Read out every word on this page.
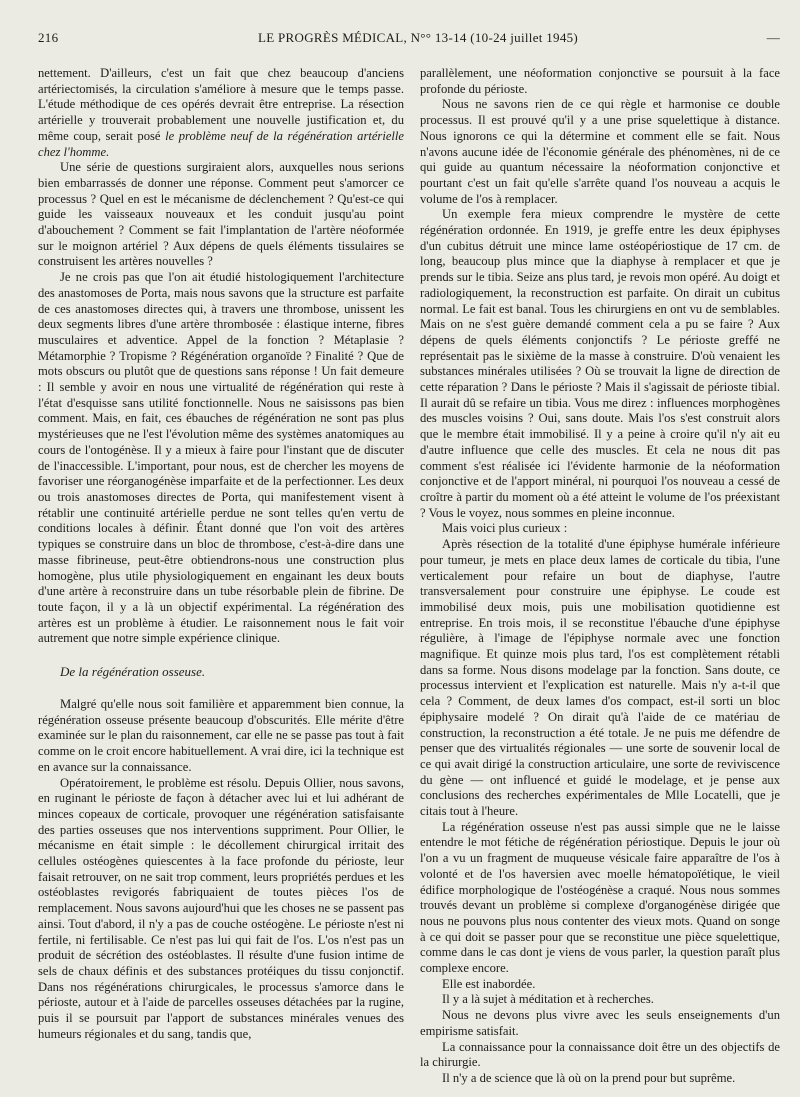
216	LE PROGRÈS MÉDICAL, N°° 13-14 (10-24 juillet 1945)	—

nettement. D'ailleurs, c'est un fait que chez beaucoup d'anciens artériectomisés, la circulation s'améliore à mesure que le temps passe. L'étude méthodique de ces opérés devrait être entreprise. La résection artérielle y trouverait probablement une nouvelle justification et, du même coup, serait posé le problème neuf de la régénération artérielle chez l'homme.

Une série de questions surgiraient alors, auxquelles nous serions bien embarrassés de donner une réponse. Comment peut s'amorcer ce processus ? Quel en est le mécanisme de déclenchement ? Qu'est-ce qui guide les vaisseaux nouveaux et les conduit jusqu'au point d'abouchement ? Comment se fait l'implantation de l'artère néoformée sur le moignon artériel ? Aux dépens de quels éléments tissulaires se construisent les artères nouvelles ?

Je ne crois pas que l'on ait étudié histologiquement l'architecture des anastomoses de Porta, mais nous savons que la structure est parfaite de ces anastomoses directes qui, à travers une thrombose, unissent les deux segments libres d'une artère thrombosée : élastique interne, fibres musculaires et adventice. Appel de la fonction ? Métaplasie ? Métamorphie ? Tropisme ? Régénération organoïde ? Finalité ? Que de mots obscurs ou plutôt que de questions sans réponse ! Un fait demeure : Il semble y avoir en nous une virtualité de régénération qui reste à l'état d'esquisse sans utilité fonctionnelle. Nous ne saisissons pas bien comment. Mais, en fait, ces ébauches de régénération ne sont pas plus mystérieuses que ne l'est l'évolution même des systèmes anatomiques au cours de l'ontogénèse. Il y a mieux à faire pour l'instant que de discuter de l'inaccessible. L'important, pour nous, est de chercher les moyens de favoriser une réorganogénèse imparfaite et de la perfectionner. Les deux ou trois anastomoses directes de Porta, qui manifestement visent à rétablir une continuité artérielle perdue ne sont telles qu'en vertu de conditions locales à définir. Étant donné que l'on voit des artères typiques se construire dans un bloc de thrombose, c'est-à-dire dans une masse fibrineuse, peut-être obtiendrons-nous une construction plus homogène, plus utile physiologiquement en engainant les deux bouts d'une artère à reconstruire dans un tube résorbable plein de fibrine. De toute façon, il y a là un objectif expérimental. La régénération des artères est un problème à étudier. Le raisonnement nous le fait voir autrement que notre simple expérience clinique.

De la régénération osseuse.

Malgré qu'elle nous soit familière et apparemment bien connue, la régénération osseuse présente beaucoup d'obscurités. Elle mérite d'être examinée sur le plan du raisonnement, car elle ne se passe pas tout à fait comme on le croit encore habituellement. A vrai dire, ici la technique est en avance sur la connaissance.

Opératoirement, le problème est résolu. Depuis Ollier, nous savons, en ruginant le périoste de façon à détacher avec lui et lui adhérant de minces copeaux de corticale, provoquer une régénération satisfaisante des parties osseuses que nos interventions suppriment. Pour Ollier, le mécanisme en était simple : le décollement chirurgical irritait des cellules ostéogènes quiescentes à la face profonde du périoste, leur faisait retrouver, on ne sait trop comment, leurs propriétés perdues et les ostéoblastes revigorés fabriquaient de toutes pièces l'os de remplacement. Nous savons aujourd'hui que les choses ne se passent pas ainsi. Tout d'abord, il n'y a pas de couche ostéogène. Le périoste n'est ni fertile, ni fertilisable. Ce n'est pas lui qui fait de l'os. L'os n'est pas un produit de sécrétion des ostéoblastes. Il résulte d'une fusion intime de sels de chaux définis et des substances protéiques du tissu conjonctif. Dans nos régénérations chirurgicales, le processus s'amorce dans le périoste, autour et à l'aide de parcelles osseuses détachées par la rugine, puis il se poursuit par l'apport de substances minérales venues des humeurs régionales et du sang, tandis que,

parallèlement, une néoformation conjonctive se poursuit à la face profonde du périoste.

Nous ne savons rien de ce qui règle et harmonise ce double processus. Il est prouvé qu'il y a une prise squelettique à distance. Nous ignorons ce qui la détermine et comment elle se fait. Nous n'avons aucune idée de l'économie générale des phénomènes, ni de ce qui guide au quantum nécessaire la néoformation conjonctive et pourtant c'est un fait qu'elle s'arrête quand l'os nouveau a acquis le volume de l'os à remplacer.

Un exemple fera mieux comprendre le mystère de cette régénération ordonnée. En 1919, je greffe entre les deux épiphyses d'un cubitus détruit une mince lame ostéopériostique de 17 cm. de long, beaucoup plus mince que la diaphyse à remplacer et que je prends sur le tibia. Seize ans plus tard, je revois mon opéré. Au doigt et radiologiquement, la reconstruction est parfaite. On dirait un cubitus normal. Le fait est banal. Tous les chirurgiens en ont vu de semblables. Mais on ne s'est guère demandé comment cela a pu se faire ? Aux dépens de quels éléments conjonctifs ? Le périoste greffé ne représentait pas le sixième de la masse à construire. D'où venaient les substances minérales utilisées ? Où se trouvait la ligne de direction de cette réparation ? Dans le périoste ? Mais il s'agissait de périoste tibial. Il aurait dû se refaire un tibia. Vous me direz : influences morphogènes des muscles voisins ? Oui, sans doute. Mais l'os s'est construit alors que le membre était immobilisé. Il y a peine à croire qu'il n'y ait eu d'autre influence que celle des muscles. Et cela ne nous dit pas comment s'est réalisée ici l'évidente harmonie de la néoformation conjonctive et de l'apport minéral, ni pourquoi l'os nouveau a cessé de croître à partir du moment où a été atteint le volume de l'os préexistant ? Vous le voyez, nous sommes en pleine inconnue.

Mais voici plus curieux :

Après résection de la totalité d'une épiphyse humérale inférieure pour tumeur, je mets en place deux lames de corticale du tibia, l'une verticalement pour refaire un bout de diaphyse, l'autre transversalement pour construire une épiphyse. Le coude est immobilisé deux mois, puis une mobilisation quotidienne est entreprise. En trois mois, il se reconstitue l'ébauche d'une épiphyse régulière, à l'image de l'épiphyse normale avec une fonction magnifique. Et quinze mois plus tard, l'os est complètement rétabli dans sa forme. Nous disons modelage par la fonction. Sans doute, ce processus intervient et l'explication est naturelle. Mais n'y a-t-il que cela ? Comment, de deux lames d'os compact, est-il sorti un bloc épiphysaire modelé ? On dirait qu'à l'aide de ce matériau de construction, la reconstruction a été totale. Je ne puis me défendre de penser que des virtualités régionales — une sorte de souvenir local de ce qui avait dirigé la construction articulaire, une sorte de reviviscence du gène — ont influencé et guidé le modelage, et je pense aux conclusions des recherches expérimentales de Mlle Locatelli, que je citais tout à l'heure.

La régénération osseuse n'est pas aussi simple que ne le laisse entendre le mot fétiche de régénération périostique. Depuis le jour où l'on a vu un fragment de muqueuse vésicale faire apparaître de l'os à volonté et de l'os haversien avec moelle hématopoïétique, le vieil édifice morphologique de l'ostéogénèse a craqué. Nous nous sommes trouvés devant un problème si complexe d'organogénèse dirigée que nous ne pouvons plus nous contenter des vieux mots. Quand on songe à ce qui doit se passer pour que se reconstitue une pièce squelettique, comme dans le cas dont je viens de vous parler, la question paraît plus complexe encore.

Elle est inabordée.

Il y a là sujet à méditation et à recherches.

Nous ne devons plus vivre avec les seuls enseignements d'un empirisme satisfait.

La connaissance pour la connaissance doit être un des objectifs de la chirurgie.

Il n'y a de science que là où on la prend pour but suprême.
